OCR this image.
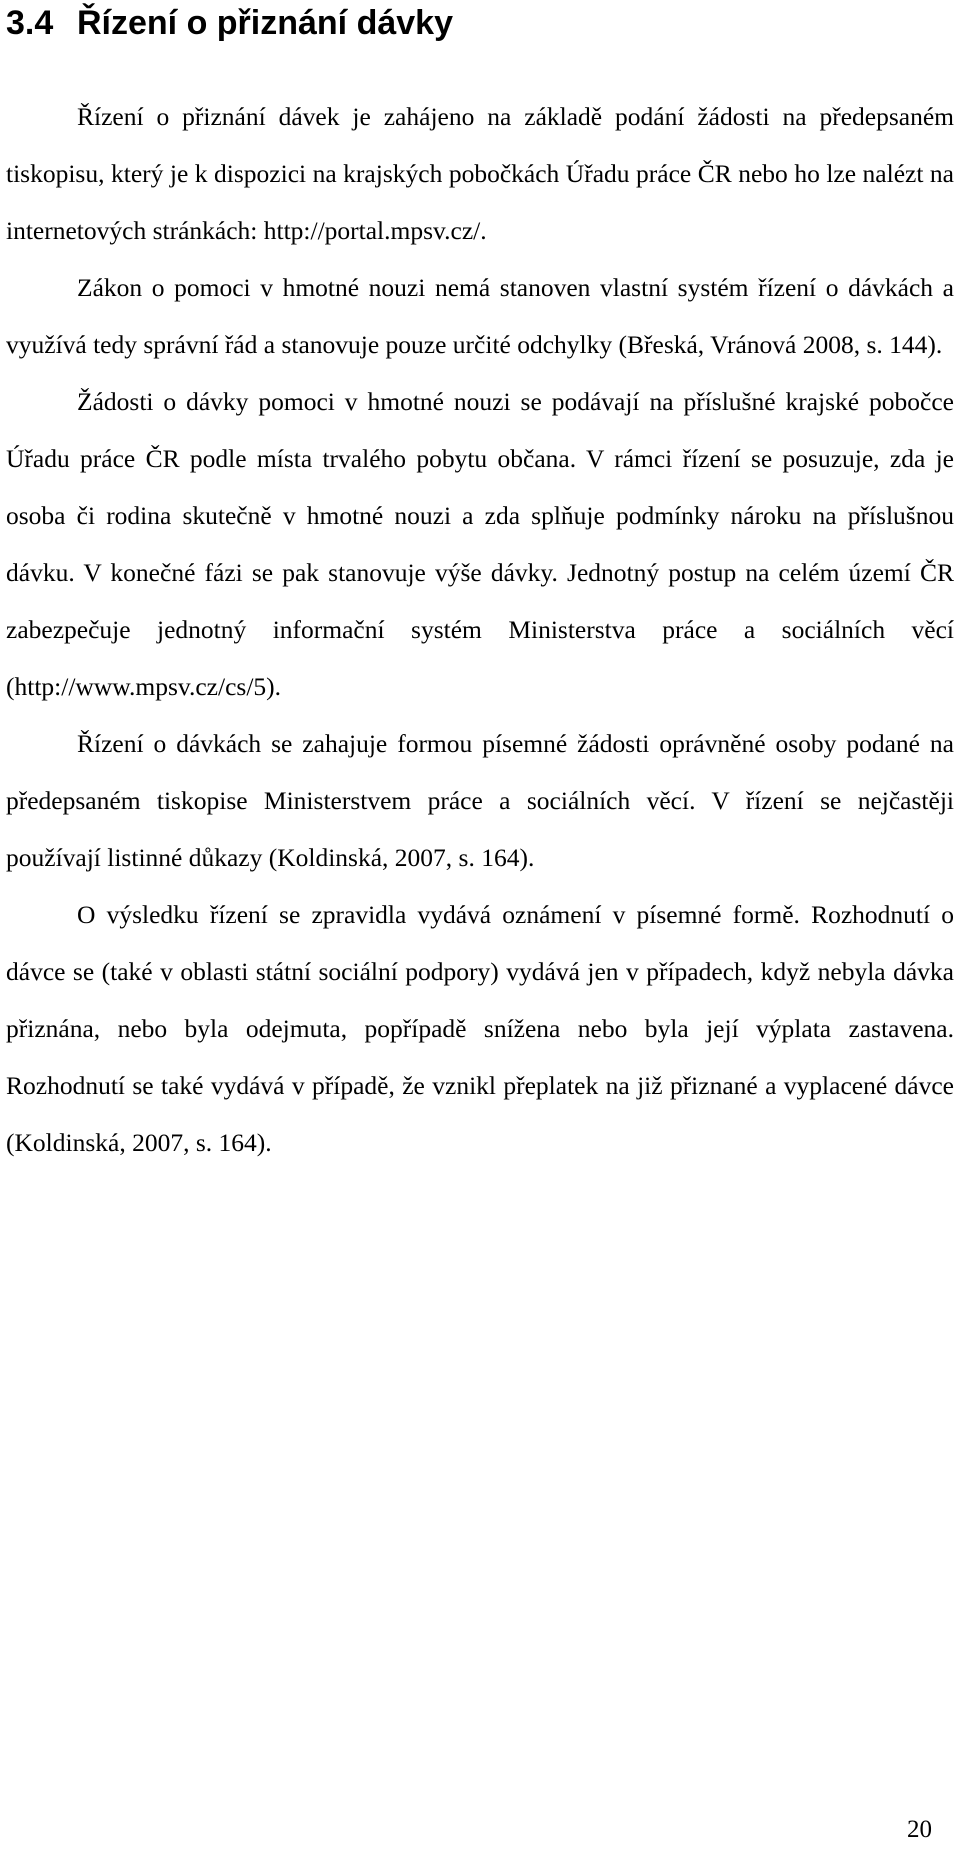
3.4 Řízení o přiznání dávky

Řízení o přiznání dávek je zahájeno na základě podání žádosti na předepsaném tiskopisu, který je k dispozici na krajských pobočkách Úřadu práce ČR nebo ho lze nalézt na internetových stránkách: http://portal.mpsv.cz/.

Zákon o pomoci v hmotné nouzi nemá stanoven vlastní systém řízení o dávkách a využívá tedy správní řád a stanovuje pouze určité odchylky (Břeská, Vránová 2008, s. 144).

Žádosti o dávky pomoci v hmotné nouzi se podávají na příslušné krajské pobočce Úřadu práce ČR podle místa trvalého pobytu občana. V rámci řízení se posuzuje, zda je osoba či rodina skutečně v hmotné nouzi a zda splňuje podmínky nároku na příslušnou dávku. V konečné fázi se pak stanovuje výše dávky. Jednotný postup na celém území ČR zabezpečuje jednotný informační systém Ministerstva práce a sociálních věcí (http://www.mpsv.cz/cs/5).

Řízení o dávkách se zahajuje formou písemné žádosti oprávněné osoby podané na předepsaném tiskopise Ministerstvem práce a sociálních věcí. V řízení se nejčastěji používají listinné důkazy (Koldinská, 2007, s. 164).

O výsledku řízení se zpravidla vydává oznámení v písemné formě. Rozhodnutí o dávce se (také v oblasti státní sociální podpory) vydává jen v případech, když nebyla dávka přiznána, nebo byla odejmuta, popřípadě snížena nebo byla její výplata zastavena. Rozhodnutí se také vydává v případě, že vznikl přeplatek na již přiznané a vyplacené dávce (Koldinská, 2007, s. 164).

20
